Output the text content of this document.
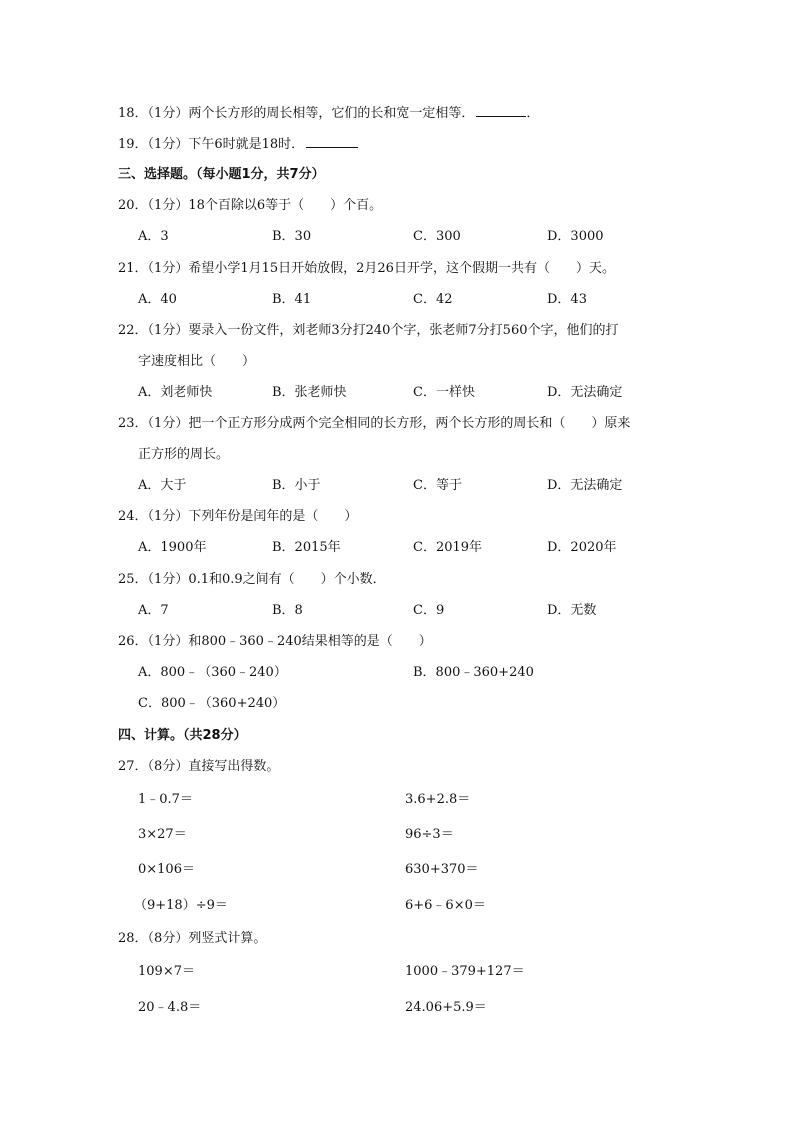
18．（1分）两个长方形的周长相等，它们的长和宽一定相等．	．
19．（1分）下午6时就是18时．
三、选择题。（每小题1分，共7分）
20．（1分）18个百除以6等于（　　）个百。
A．3	B．30	C．300	D．3000
21．（1分）希望小学1月15日开始放假，2月26日开学，这个假期一共有（　　）天。
A．40	B．41	C．42	D．43
22．（1分）要录入一份文件，刘老师3分打240个字，张老师7分打560个字，他们的打
字速度相比（　　）
A．刘老师快	B．张老师快	C．一样快	D．无法确定
23．（1分）把一个正方形分成两个完全相同的长方形，两个长方形的周长和（　　）原来
正方形的周长。
A．大于	B．小于	C．等于	D．无法确定
24．（1分）下列年份是闰年的是（　　）
A．1900年	B．2015年	C．2019年	D．2020年
25．（1分）0.1和0.9之间有（　　）个小数．
A．7	B．8	C．9	D．无数
26．（1分）和800﹣360﹣240结果相等的是（　　）
A．800﹣（360﹣240）	B．800﹣360+240
C．800﹣（360+240）
四、计算。（共28分）
27．（8分）直接写出得数。
1﹣0.7＝	3.6+2.8＝
3×27＝	96÷3＝
0×106＝	630+370＝
（9+18）÷9＝	6+6﹣6×0＝
28．（8分）列竖式计算。
109×7＝	1000﹣379+127＝
20﹣4.8＝	24.06+5.9＝
